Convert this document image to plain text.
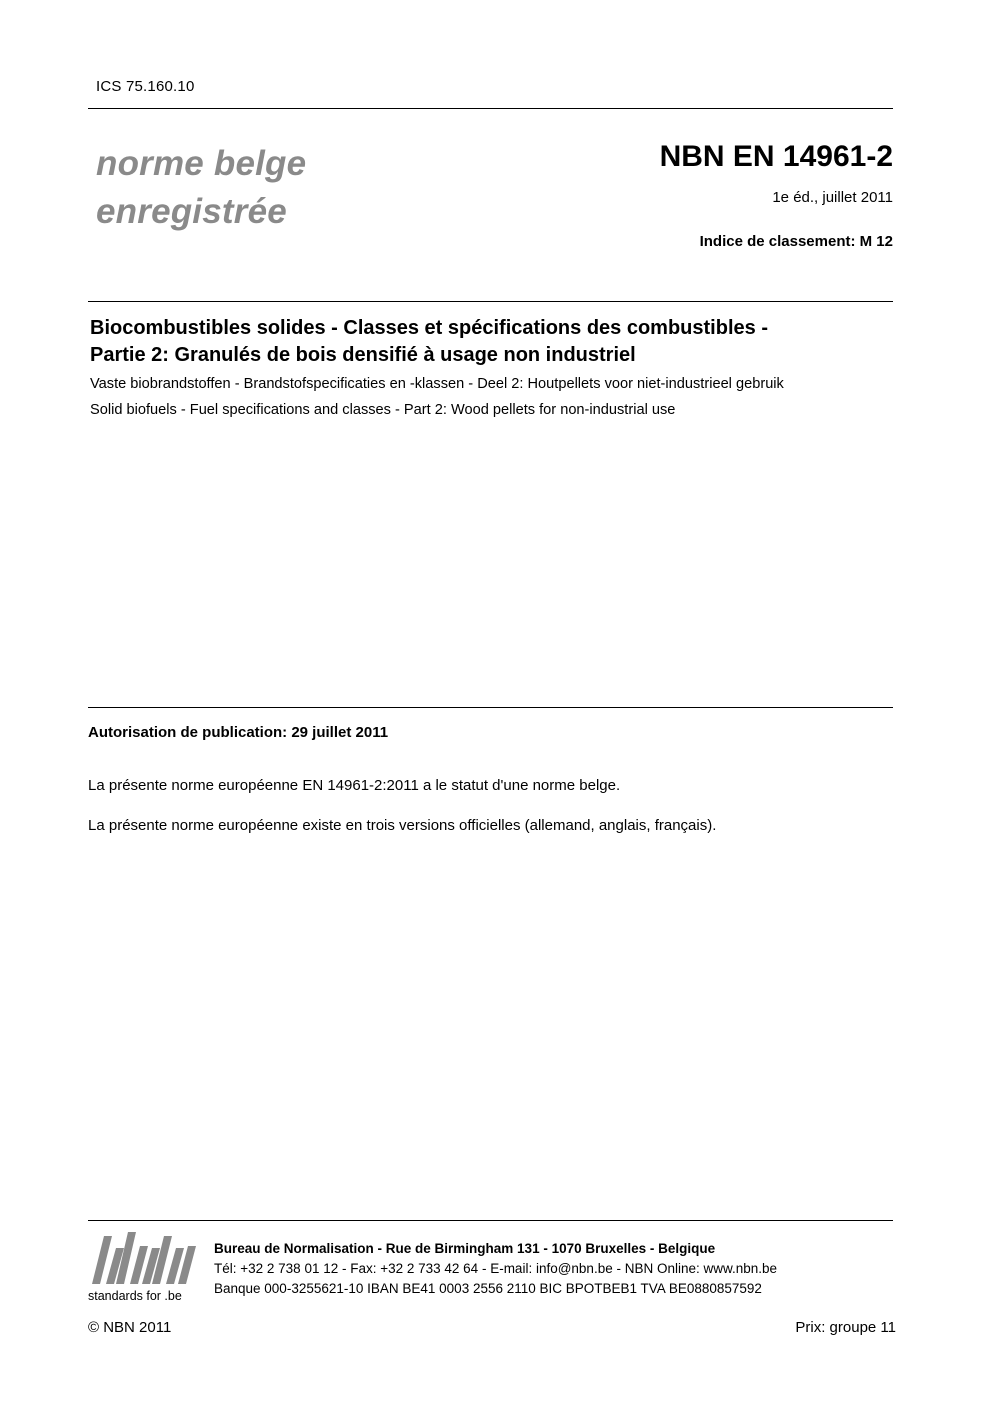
ICS 75.160.10
norme belge
enregistrée
NBN EN 14961-2
1e éd., juillet 2011
Indice de classement: M 12
Biocombustibles solides - Classes et spécifications des combustibles -
Partie 2: Granulés de bois densifié à usage non industriel
Vaste biobrandstoffen - Brandstofspecificaties en -klassen - Deel 2: Houtpellets voor niet-industrieel gebruik
Solid biofuels - Fuel specifications and classes - Part 2: Wood pellets for non-industrial use
Autorisation de publication: 29 juillet 2011
La présente norme européenne EN 14961-2:2011 a le statut d'une norme belge.
La présente norme européenne existe en trois versions officielles (allemand, anglais, français).
standards for .be
Bureau de Normalisation - Rue de Birmingham 131 - 1070 Bruxelles - Belgique
Tél: +32 2 738 01 12 - Fax: +32 2 733 42 64 - E-mail: info@nbn.be - NBN Online: www.nbn.be
Banque 000-3255621-10 IBAN BE41 0003 2556 2110 BIC BPOTBEB1 TVA BE0880857592
© NBN 2011	Prix: groupe 11
